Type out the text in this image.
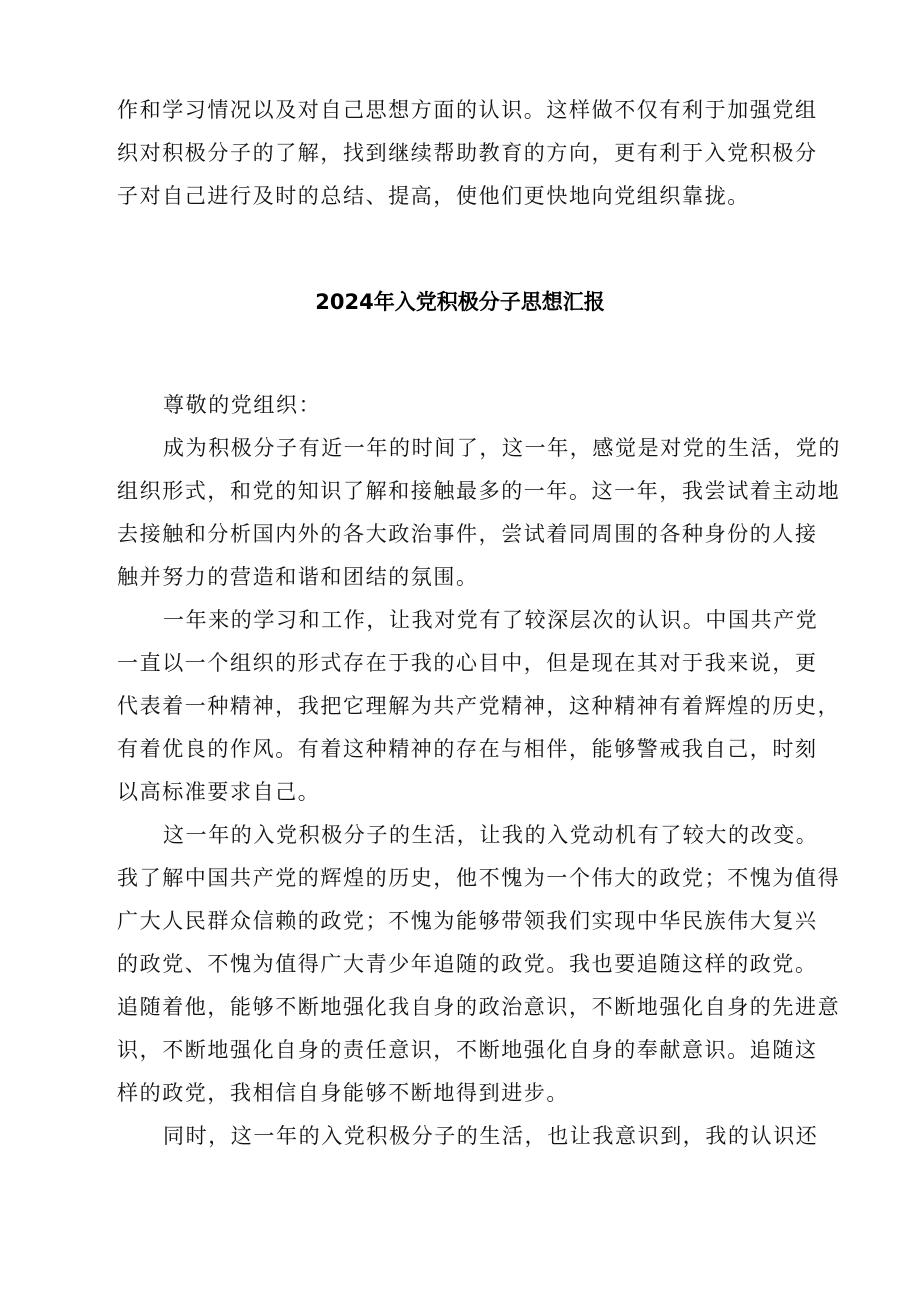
作和学习情况以及对自己思想方面的认识。这样做不仅有利于加强党组
织对积极分子的了解，找到继续帮助教育的方向，更有利于入党积极分
子对自己进行及时的总结、提高，使他们更快地向党组织靠拢。
2024年入党积极分子思想汇报
尊敬的党组织：
成为积极分子有近一年的时间了，这一年，感觉是对党的生活，党的
组织形式，和党的知识了解和接触最多的一年。这一年，我尝试着主动地
去接触和分析国内外的各大政治事件，尝试着同周围的各种身份的人接
触并努力的营造和谐和团结的氛围。
一年来的学习和工作，让我对党有了较深层次的认识。中国共产党
一直以一个组织的形式存在于我的心目中，但是现在其对于我来说，更
代表着一种精神，我把它理解为共产党精神，这种精神有着辉煌的历史，
有着优良的作风。有着这种精神的存在与相伴，能够警戒我自己，时刻
以高标准要求自己。
这一年的入党积极分子的生活，让我的入党动机有了较大的改变。
我了解中国共产党的辉煌的历史，他不愧为一个伟大的政党；不愧为值得
广大人民群众信赖的政党；不愧为能够带领我们实现中华民族伟大复兴
的政党、不愧为值得广大青少年追随的政党。我也要追随这样的政党。
追随着他，能够不断地强化我自身的政治意识，不断地强化自身的先进意
识，不断地强化自身的责任意识，不断地强化自身的奉献意识。追随这
样的政党，我相信自身能够不断地得到进步。
同时，这一年的入党积极分子的生活，也让我意识到，我的认识还
